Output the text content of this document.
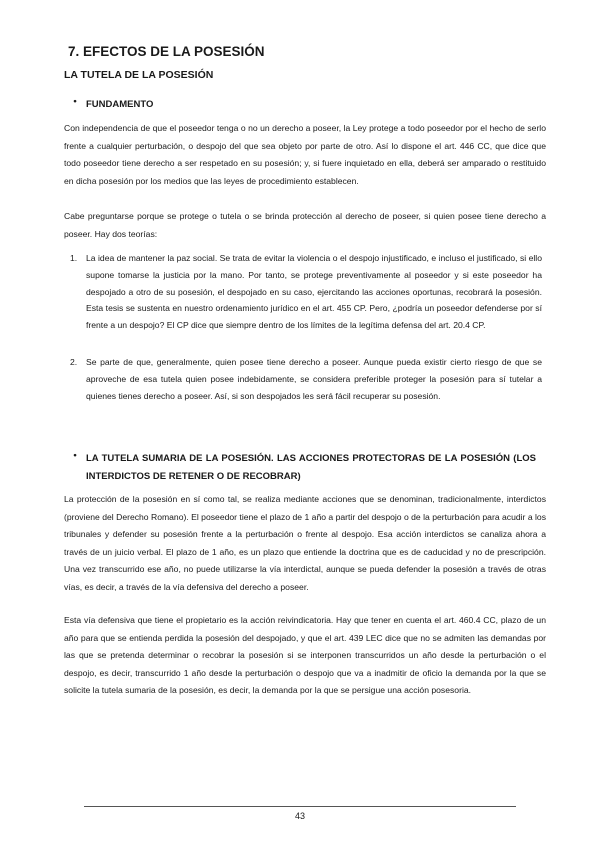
7. EFECTOS DE LA POSESIÓN
LA TUTELA DE LA POSESIÓN
• FUNDAMENTO
Con independencia de que el poseedor tenga o no un derecho a poseer, la Ley protege a todo poseedor por el hecho de serlo frente a cualquier perturbación, o despojo del que sea objeto por parte de otro. Así lo dispone el art. 446 CC, que dice que todo poseedor tiene derecho a ser respetado en su posesión; y, si fuere inquietado en ella, deberá ser amparado o restituido en dicha posesión por los medios que las leyes de procedimiento establecen.
Cabe preguntarse porque se protege o tutela o se brinda protección al derecho de poseer, si quien posee tiene derecho a poseer. Hay dos teorías:
1.	La idea de mantener la paz social. Se trata de evitar la violencia o el despojo injustificado, e incluso el justificado, si ello supone tomarse la justicia por la mano. Por tanto, se protege preventivamente al poseedor y si este poseedor ha despojado a otro de su posesión, el despojado en su caso, ejercitando las acciones oportunas, recobrará la posesión. Esta tesis se sustenta en nuestro ordenamiento jurídico en el art. 455 CP. Pero, ¿podría un poseedor defenderse por sí frente a un despojo? El CP dice que siempre dentro de los límites de la legítima defensa del art. 20.4 CP.
2.	Se parte de que, generalmente, quien posee tiene derecho a poseer. Aunque pueda existir cierto riesgo de que se aproveche de esa tutela quien posee indebidamente, se considera preferible proteger la posesión para sí tutelar a quienes tienes derecho a poseer. Así, si son despojados les será fácil recuperar su posesión.
• LA TUTELA SUMARIA DE LA POSESIÓN. LAS ACCIONES PROTECTORAS DE LA POSESIÓN (LOS INTERDICTOS DE RETENER O DE RECOBRAR)
La protección de la posesión en sí como tal, se realiza mediante acciones que se denominan, tradicionalmente, interdictos (proviene del Derecho Romano). El poseedor tiene el plazo de 1 año a partir del despojo o de la perturbación para acudir a los tribunales y defender su posesión frente a la perturbación o frente al despojo. Esa acción interdictos se canaliza ahora a través de un juicio verbal. El plazo de 1 año, es un plazo que entiende la doctrina que es de caducidad y no de prescripción. Una vez transcurrido ese año, no puede utilizarse la vía interdictal, aunque se pueda defender la posesión a través de otras vías, es decir, a través de la vía defensiva del derecho a poseer.
Esta vía defensiva que tiene el propietario es la acción reivindicatoria. Hay que tener en cuenta el art. 460.4 CC, plazo de un año para que se entienda perdida la posesión del despojado, y que el art. 439 LEC dice que no se admiten las demandas por las que se pretenda determinar o recobrar la posesión si se interponen transcurridos un año desde la perturbación o el despojo, es decir, transcurrido 1 año desde la perturbación o despojo que va a inadmitir de oficio la demanda por la que se solicite la tutela sumaria de la posesión, es decir, la demanda por la que se persigue una acción posesoria.
43
